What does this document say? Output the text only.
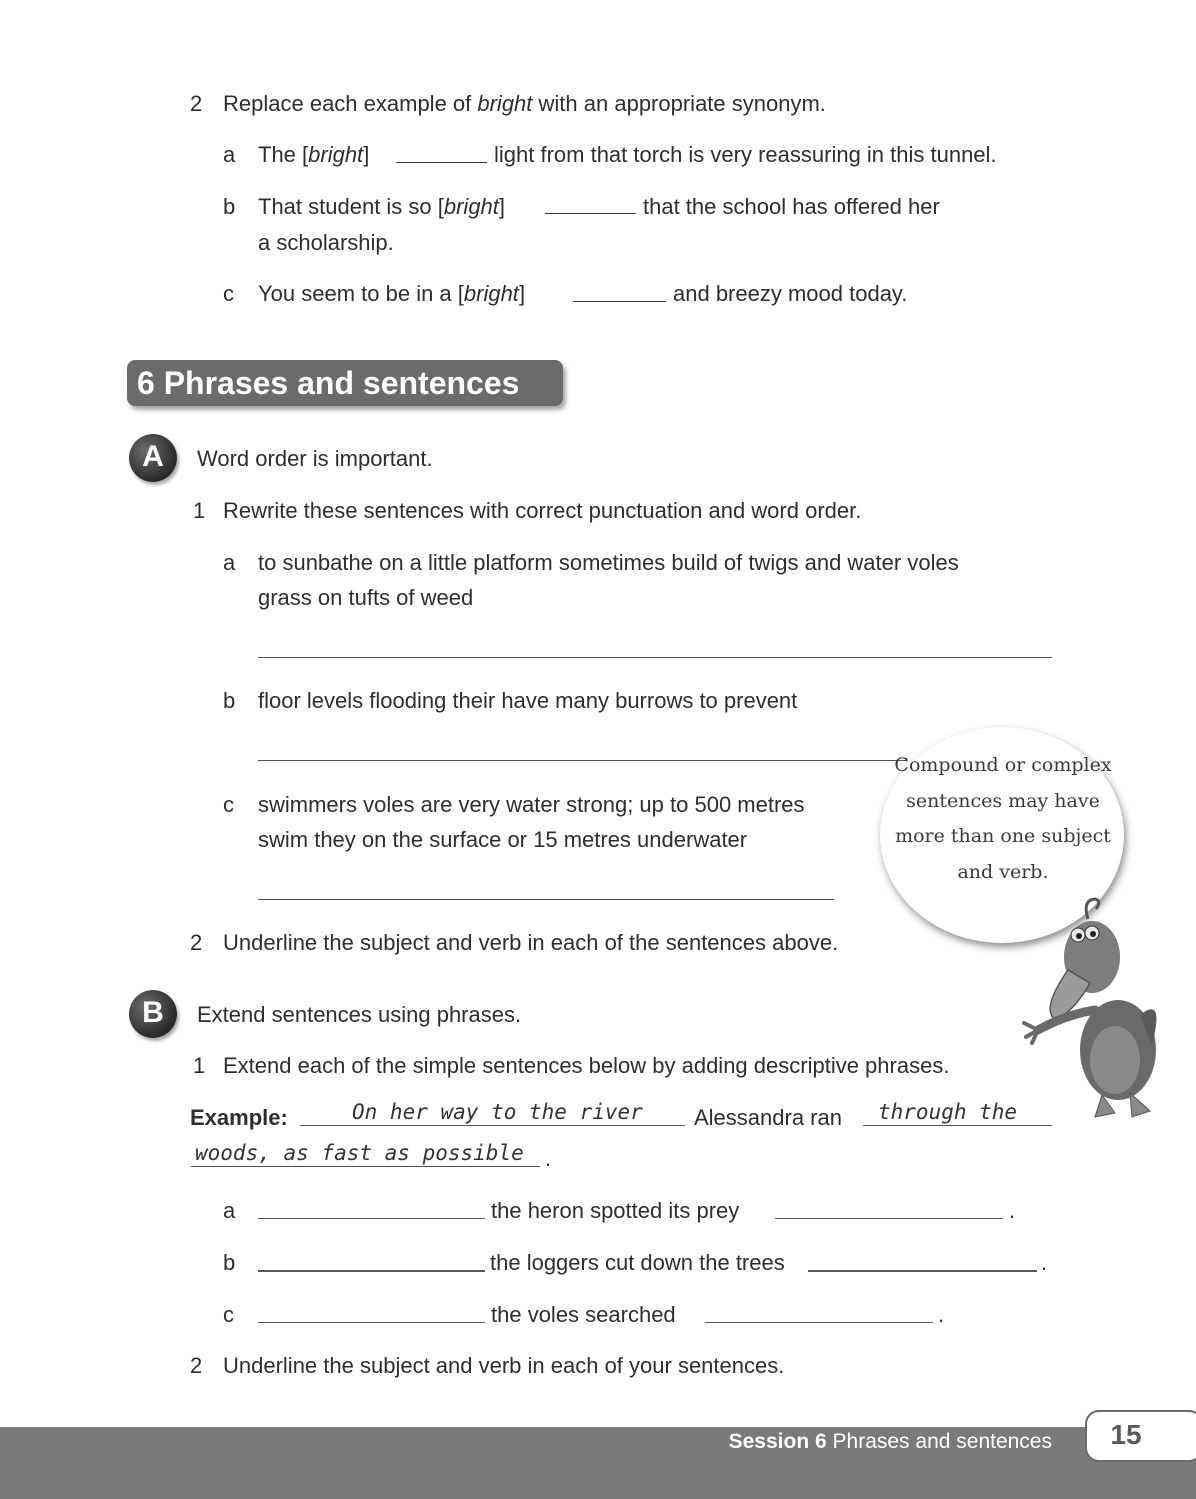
2 Replace each example of bright with an appropriate synonym.
a The [bright]	light from that torch is very reassuring in this tunnel.
b That student is so [bright]	that the school has offered her
a scholarship.
c You seem to be in a [bright]	and breezy mood today.
6 Phrases and sentences
A	Word order is important.
1 Rewrite these sentences with correct punctuation and word order.
a to sunbathe on a little platform sometimes build of twigs and water voles
grass on tufts of weed
b floor levels flooding their have many burrows to prevent
c swimmers voles are very water strong; up to 500 metres
swim they on the surface or 15 metres underwater
2 Underline the subject and verb in each of the sentences above.
Compound or complex sentences may have more than one subject and verb.
B	Extend sentences using phrases.
1 Extend each of the simple sentences below by adding descriptive phrases.
Example:	On her way to the river Alessandra ran through the
woods, as fast as possible .
a	the heron spotted its prey	.
b	the loggers cut down the trees	.
c	the voles searched	.
2 Underline the subject and verb in each of your sentences.
Session 6 Phrases and sentences	15
